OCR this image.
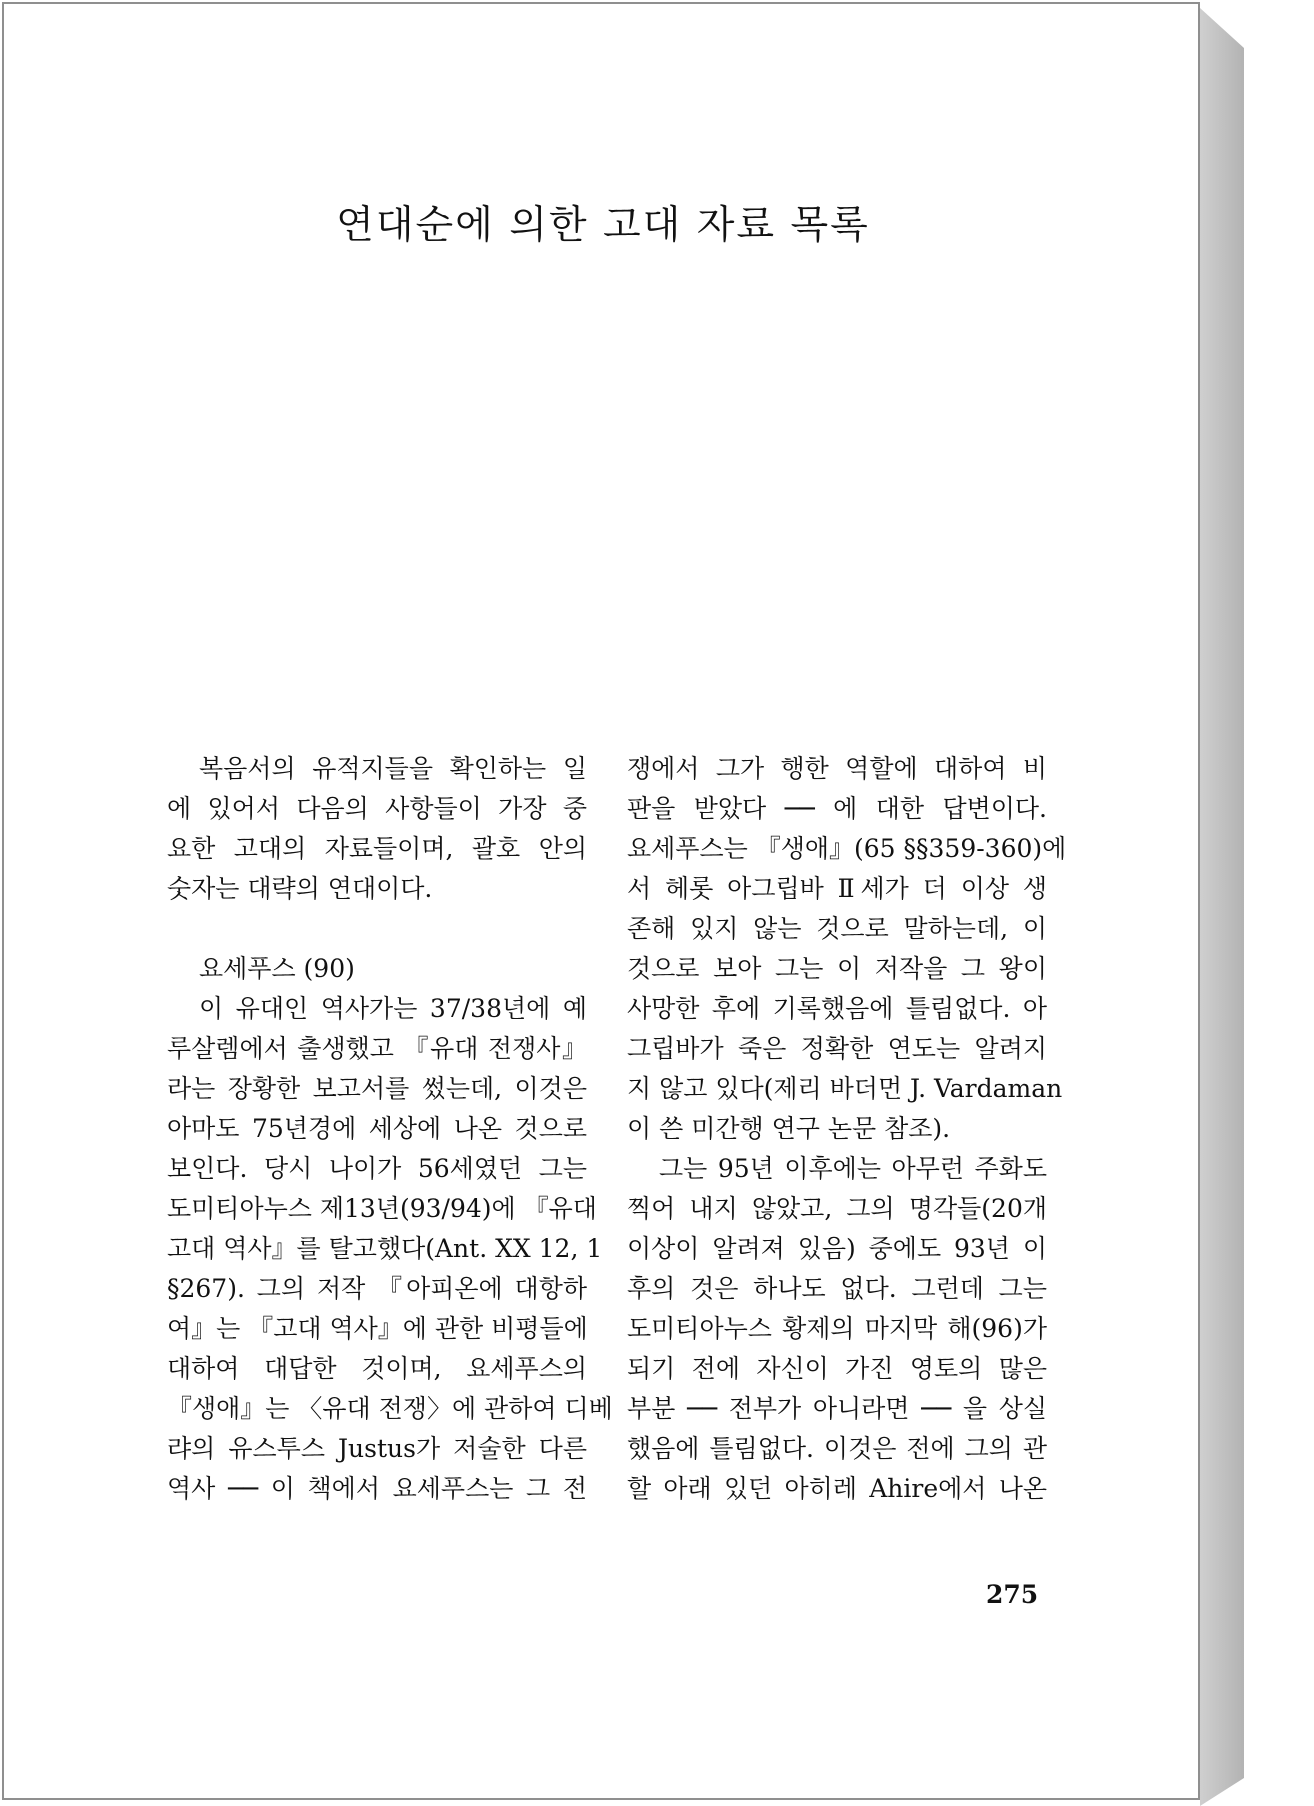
연대순에 의한 고대 자료 목록
복음서의 유적지들을 확인하는 일
에 있어서 다음의 사항들이 가장 중
요한 고대의 자료들이며, 괄호 안의
숫자는 대략의 연대이다.
요세푸스 (90)
이 유대인 역사가는 37/38년에 예
루살렘에서 출생했고 『유대 전쟁사』
라는 장황한 보고서를 썼는데, 이것은
아마도 75년경에 세상에 나온 것으로
보인다. 당시 나이가 56세였던 그는
도미티아누스 제13년(93/94)에 『유대
고대 역사』를 탈고했다(Ant. XX 12, 1
§267). 그의 저작 『아피온에 대항하
여』는 『고대 역사』에 관한 비평들에
대하여 대답한 것이며, 요세푸스의
『생애』는 〈유대 전쟁〉에 관하여 디베
랴의 유스투스 Justus가 저술한 다른
역사 ── 이 책에서 요세푸스는 그 전
쟁에서 그가 행한 역할에 대하여 비
판을 받았다 ── 에 대한 답변이다.
요세푸스는 『생애』(65 §§359-360)에
서 헤롯 아그립바 Ⅱ세가 더 이상 생
존해 있지 않는 것으로 말하는데, 이
것으로 보아 그는 이 저작을 그 왕이
사망한 후에 기록했음에 틀림없다. 아
그립바가 죽은 정확한 연도는 알려지
지 않고 있다(제리 바더먼 J. Vardaman
이 쓴 미간행 연구 논문 참조).
그는 95년 이후에는 아무런 주화도
찍어 내지 않았고, 그의 명각들(20개
이상이 알려져 있음) 중에도 93년 이
후의 것은 하나도 없다. 그런데 그는
도미티아누스 황제의 마지막 해(96)가
되기 전에 자신이 가진 영토의 많은
부분 ── 전부가 아니라면 ── 을 상실
했음에 틀림없다. 이것은 전에 그의 관
할 아래 있던 아히레 Ahire에서 나온
275
